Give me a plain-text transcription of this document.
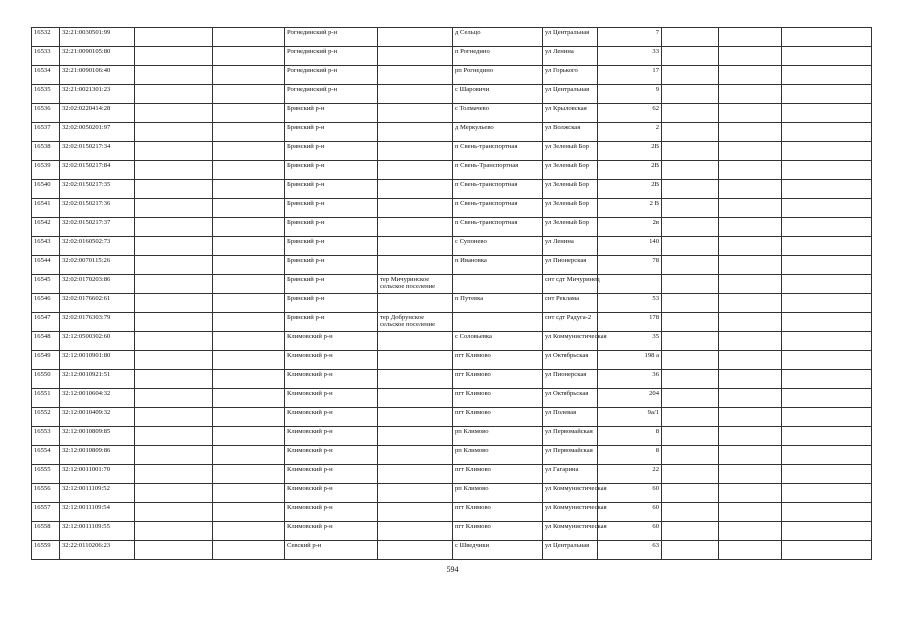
16532	32:21:0030501:99			Рогнединский р-н		д Сельцо	ул Центральная	7			
16533	32:21:0090105:80			Рогнединский р-н		п Рогнедино	ул Ленина	33			
16534	32:21:0090106:40			Рогнединский р-н		рп Рогнедино	ул Горького	17			
16535	32:21:0021301:23			Рогнединский р-н		с Шаровичи	ул Центральная	9			
16536	32:02:0220414:28			Брянский р-н		с Толмачево	ул Крыловская	62			
16537	32:02:0050201:97			Брянский р-н		д Меркульево	ул Волжская	2			
16538	32:02:0150217:34			Брянский р-н		п Свень-транспортная	ул Зеленый Бор	2В			
16539	32:02:0150217:84			Брянский р-н		п Свень-Транспортная	ул Зеленый Бор	2В			
16540	32:02:0150217:35			Брянский р-н		п Свень-транспортная	ул Зеленый Бор	2В			
16541	32:02:0150217:36			Брянский р-н		п Свень-транспортная	ул Зеленый Бор	2 В			
16542	32:02:0150217:37			Брянский р-н		п Свень-транспортная	ул Зеленый Бор	2в			
16543	32:02:0160502:73			Брянский р-н		с Супонево	ул Ленина	140			
16544	32:02:0070115:26			Брянский р-н		п Ивановка	ул Пионерская	78			
16545	32:02:0170203:86			Брянский р-н	тер Мичуринское сельское поселение		снт сдт Мичуринец				
16546	32:02:0176602:61			Брянский р-н		п Путевка	снт Рекламa	53			
16547	32:02:0176303:79			Брянский р-н	тер Добрунское сельское поселение		снт сдт Радуга-2	178			
16548	32:12:0500302:60			Климовский р-н		с Соловьевка	ул Коммунистическая	35			
16549	32:12:0010901:80			Климовский р-н		пгт Климово	ул Октябрьская	198 а			
16550	32:12:0010921:51			Климовский р-н		пгт Климово	ул Пионерская	36			
16551	32:12:0010604:32			Климовский р-н		пгт Климово	ул Октябрьская	204			
16552	32:12:0010409:32			Климовский р-н		пгт Климово	ул Полевая	9а/1			
16553	32:12:0010809:85			Климовский р-н		рп Климово	ул Первомайская	8			
16554	32:12:0010809:86			Климовский р-н		рп Климово	ул Первомайская	8			
16555	32:12:0011001:70			Климовский р-н		пгт Климово	ул Гагарина	22			
16556	32:12:0011109:52			Климовский р-н		рп Климово	ул Коммунистическая	60			
16557	32:12:0011109:54			Климовский р-н		пгт Климово	ул Коммунистическая	60			
16558	32:12:0011109:55			Климовский р-н		пгт Климово	ул Коммунистическая	60			
16559	32:22:0110206:23			Севский р-н		с Шведчики	ул Центральная	63			
594
